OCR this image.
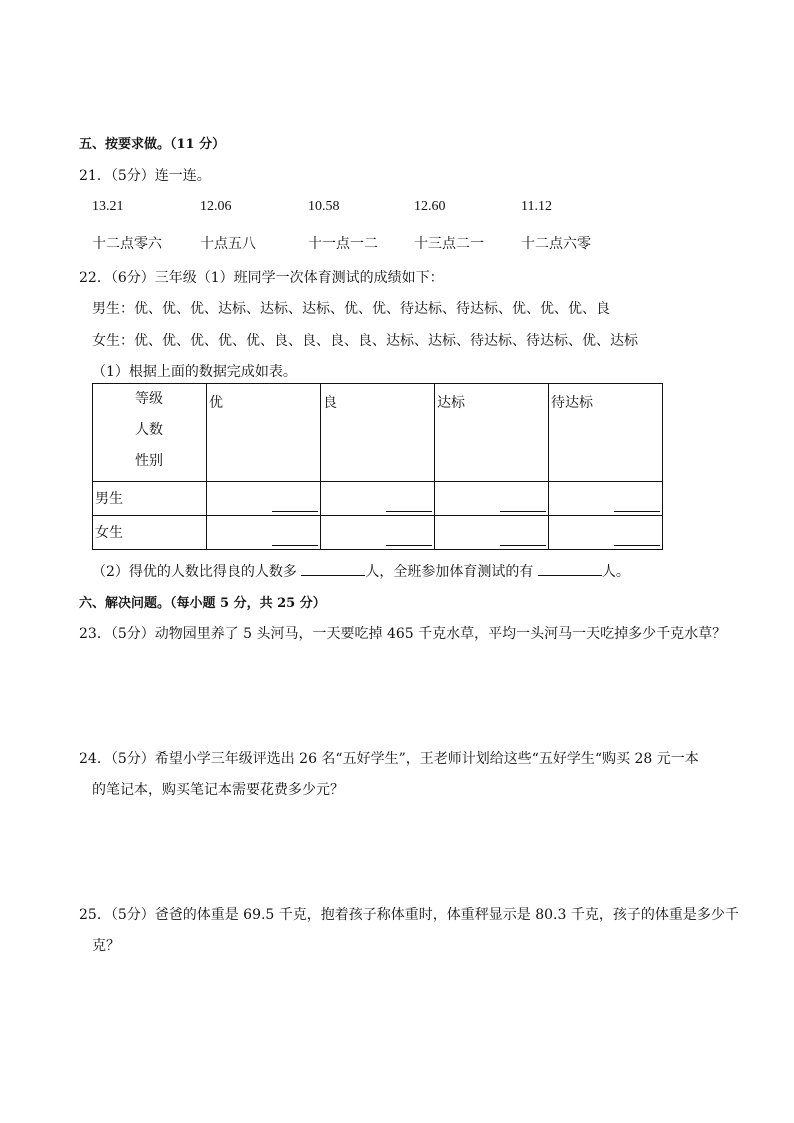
五、按要求做。（11 分）
21．（5分）连一连。
13.21	12.06	10.58	12.60	11.12
十二点零六	十点五八	十一点一二	十三点二一	十二点六零
22．（6分）三年级（1）班同学一次体育测试的成绩如下：
男生：优、优、优、达标、达标、达标、优、优、待达标、待达标、优、优、优、良
女生：优、优、优、优、优、良、良、良、良、达标、达标、待达标、待达标、优、达标
（1）根据上面的数据完成如表。
等级
人数
性别	优	良	达标	待达标
男生	

女生	

（2）得优的人数比得良的人数多	人，全班参加体育测试的有	人。
六、解决问题。（每小题 5 分，共 25 分）
23．（5分）动物园里养了 5 头河马，一天要吃掉 465 千克水草，平均一头河马一天吃掉多少千克水草？
24．（5分）希望小学三年级评选出 26 名“五好学生”，王老师计划给这些“五好学生“购买 28 元一本
的笔记本，购买笔记本需要花费多少元？
25．（5分）爸爸的体重是 69.5 千克，抱着孩子称体重时，体重秤显示是 80.3 千克，孩子的体重是多少千
克？
